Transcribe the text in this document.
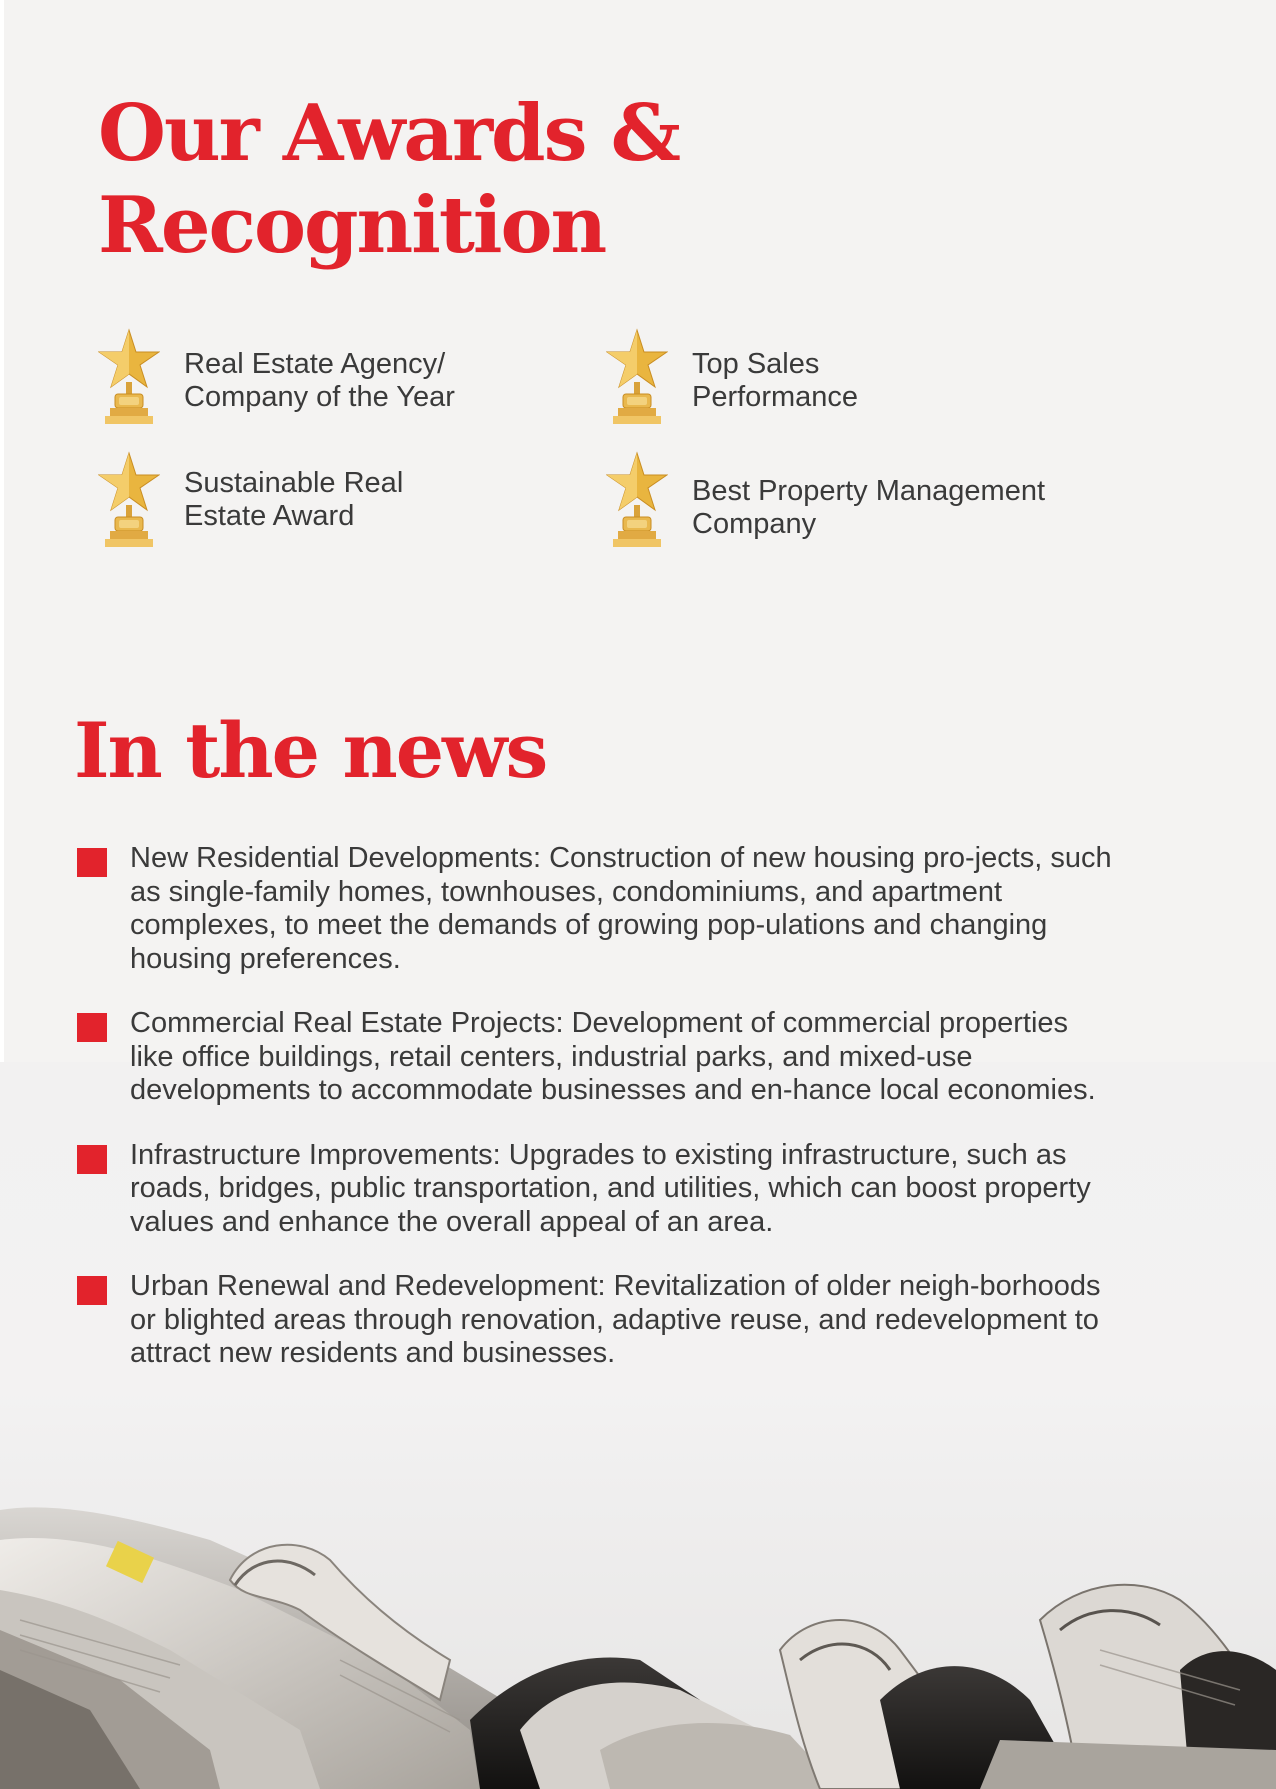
Our Awards &
Recognition
Real Estate Agency/
Company of the Year
Top Sales
Performance
Sustainable Real
Estate Award
Best Property Management
Company
In the news
New Residential Developments: Construction of new housing pro-jects, such as single-family homes, townhouses, condominiums, and apartment complexes, to meet the demands of growing pop-ulations and changing housing preferences.
Commercial Real Estate Projects: Development of commercial properties like office buildings, retail centers, industrial parks, and mixed-use developments to accommodate businesses and en-hance local economies.
Infrastructure Improvements: Upgrades to existing infrastructure, such as roads, bridges, public transportation, and utilities, which can boost property values and enhance the overall appeal of an area.
Urban Renewal and Redevelopment: Revitalization of older neigh-borhoods or blighted areas through renovation, adaptive reuse, and redevelopment to attract new residents and businesses.
